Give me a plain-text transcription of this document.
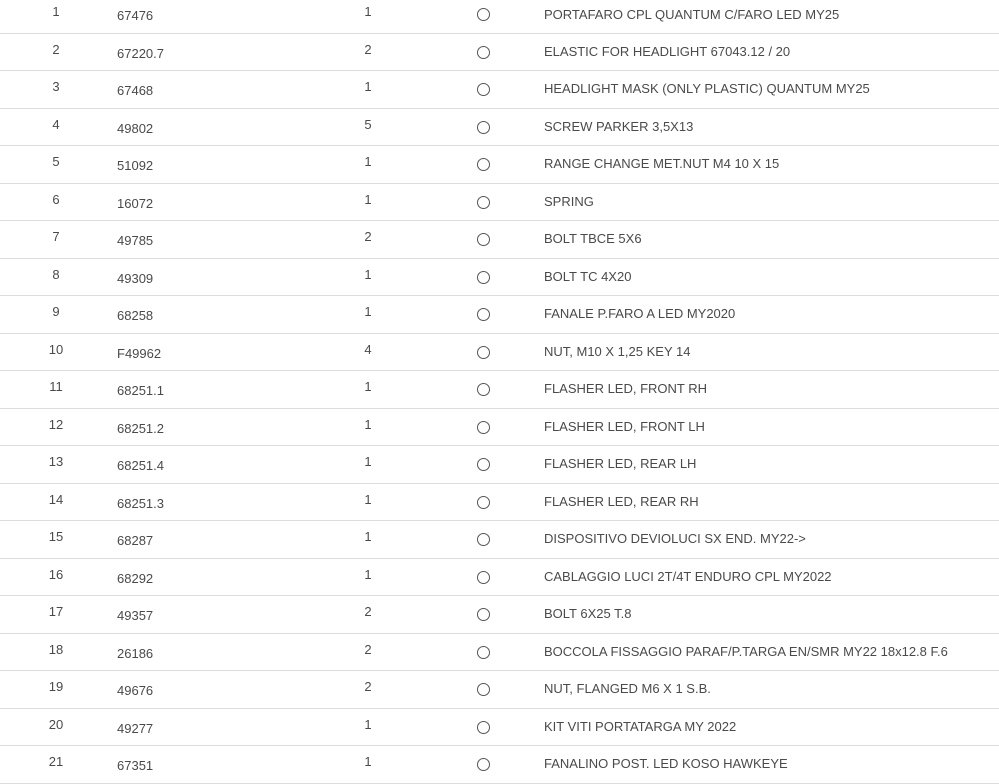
1	67476	1	PORTAFARO CPL QUANTUM C/FARO LED MY25
2	67220.7	2	ELASTIC FOR HEADLIGHT 67043.12 / 20
3	67468	1	HEADLIGHT MASK (ONLY PLASTIC) QUANTUM MY25
4	49802	5	SCREW PARKER 3,5X13
5	51092	1	RANGE CHANGE MET.NUT M4 10 X 15
6	16072	1	SPRING
7	49785	2	BOLT TBCE 5X6
8	49309	1	BOLT TC 4X20
9	68258	1	FANALE P.FARO A LED MY2020
10	F49962	4	NUT, M10 X 1,25 KEY 14
11	68251.1	1	FLASHER LED, FRONT RH
12	68251.2	1	FLASHER LED, FRONT LH
13	68251.4	1	FLASHER LED, REAR LH
14	68251.3	1	FLASHER LED, REAR RH
15	68287	1	DISPOSITIVO DEVIOLUCI SX END. MY22->
16	68292	1	CABLAGGIO LUCI 2T/4T ENDURO CPL MY2022
17	49357	2	BOLT 6X25 T.8
18	26186	2	BOCCOLA FISSAGGIO PARAF/P.TARGA EN/SMR MY22 18x12.8 F.6
19	49676	2	NUT, FLANGED M6 X 1 S.B.
20	49277	1	KIT VITI PORTATARGA MY 2022
21	67351	1	FANALINO POST. LED KOSO HAWKEYE
